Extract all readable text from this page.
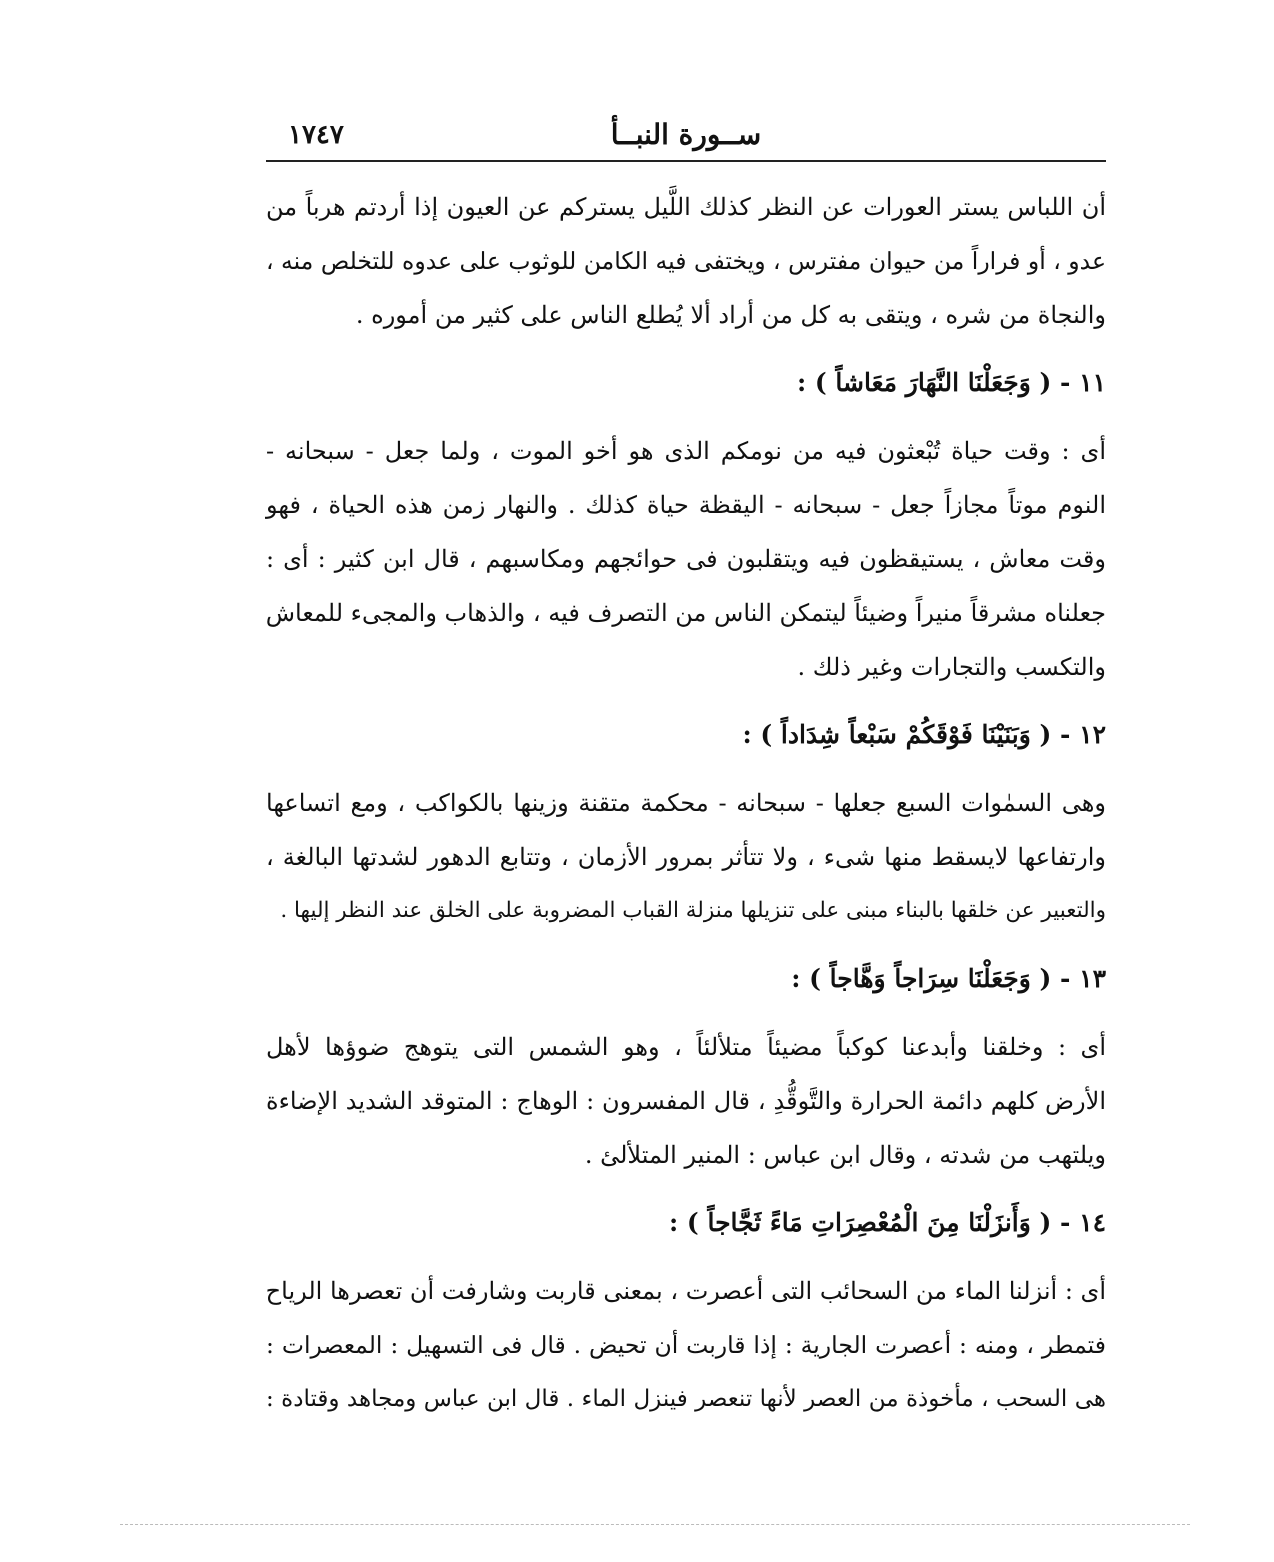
١٧٤٧	ســورة النبــأ
أن اللباس يستر العورات عن النظر كذلك اللَّيل يستركم عن العيون إذا أردتم هرباً من
عدو ، أو فراراً من حيوان مفترس ، ويختفى فيه الكامن للوثوب على عدوه للتخلص منه ،
والنجاة من شره ، ويتقى به كل من أراد ألا يُطلع الناس على كثير من أموره .
١١ - ( وَجَعَلْنَا النَّهَارَ مَعَاشاً ) :
أى : وقت حياة تُبْعثون فيه من نومكم الذى هو أخو الموت ، ولما جعل - سبحانه -
النوم موتاً مجازاً جعل - سبحانه - اليقظة حياة كذلك . والنهار زمن هذه الحياة ، فهو
وقت معاش ، يستيقظون فيه ويتقلبون فى حوائجهم ومكاسبهم ، قال ابن كثير : أى :
جعلناه مشرقاً منيراً وضيئاً ليتمكن الناس من التصرف فيه ، والذهاب والمجىء للمعاش
والتكسب والتجارات وغير ذلك .
١٢ - ( وَبَنَيْنَا فَوْقَكُمْ سَبْعاً شِدَاداً ) :
وهى السمٰوات السبع جعلها - سبحانه - محكمة متقنة وزينها بالكواكب ، ومع اتساعها
وارتفاعها لايسقط منها شىء ، ولا تتأثر بمرور الأزمان ، وتتابع الدهور لشدتها البالغة ،
والتعبير عن خلقها بالبناء مبنى على تنزيلها منزلة القباب المضروبة على الخلق عند النظر إليها .
١٣ - ( وَجَعَلْنَا سِرَاجاً وَهَّاجاً ) :
أى : وخلقنا وأبدعنا كوكباً مضيئاً متلألئاً ، وهو الشمس التى يتوهج ضوؤها لأهل
الأرض كلهم دائمة الحرارة والتَّوقُّدِ ، قال المفسرون : الوهاج : المتوقد الشديد الإضاءة
ويلتهب من شدته ، وقال ابن عباس : المنير المتلألئ .
١٤ - ( وَأَنزَلْنَا مِنَ الْمُعْصِرَاتِ مَاءً ثَجَّاجاً ) :
أى : أنزلنا الماء من السحائب التى أعصرت ، بمعنى قاربت وشارفت أن تعصرها الرياح
فتمطر ، ومنه : أعصرت الجارية : إذا قاربت أن تحيض . قال فى التسهيل : المعصرات :
هى السحب ، مأخوذة من العصر لأنها تنعصر فينزل الماء . قال ابن عباس ومجاهد وقتادة :
